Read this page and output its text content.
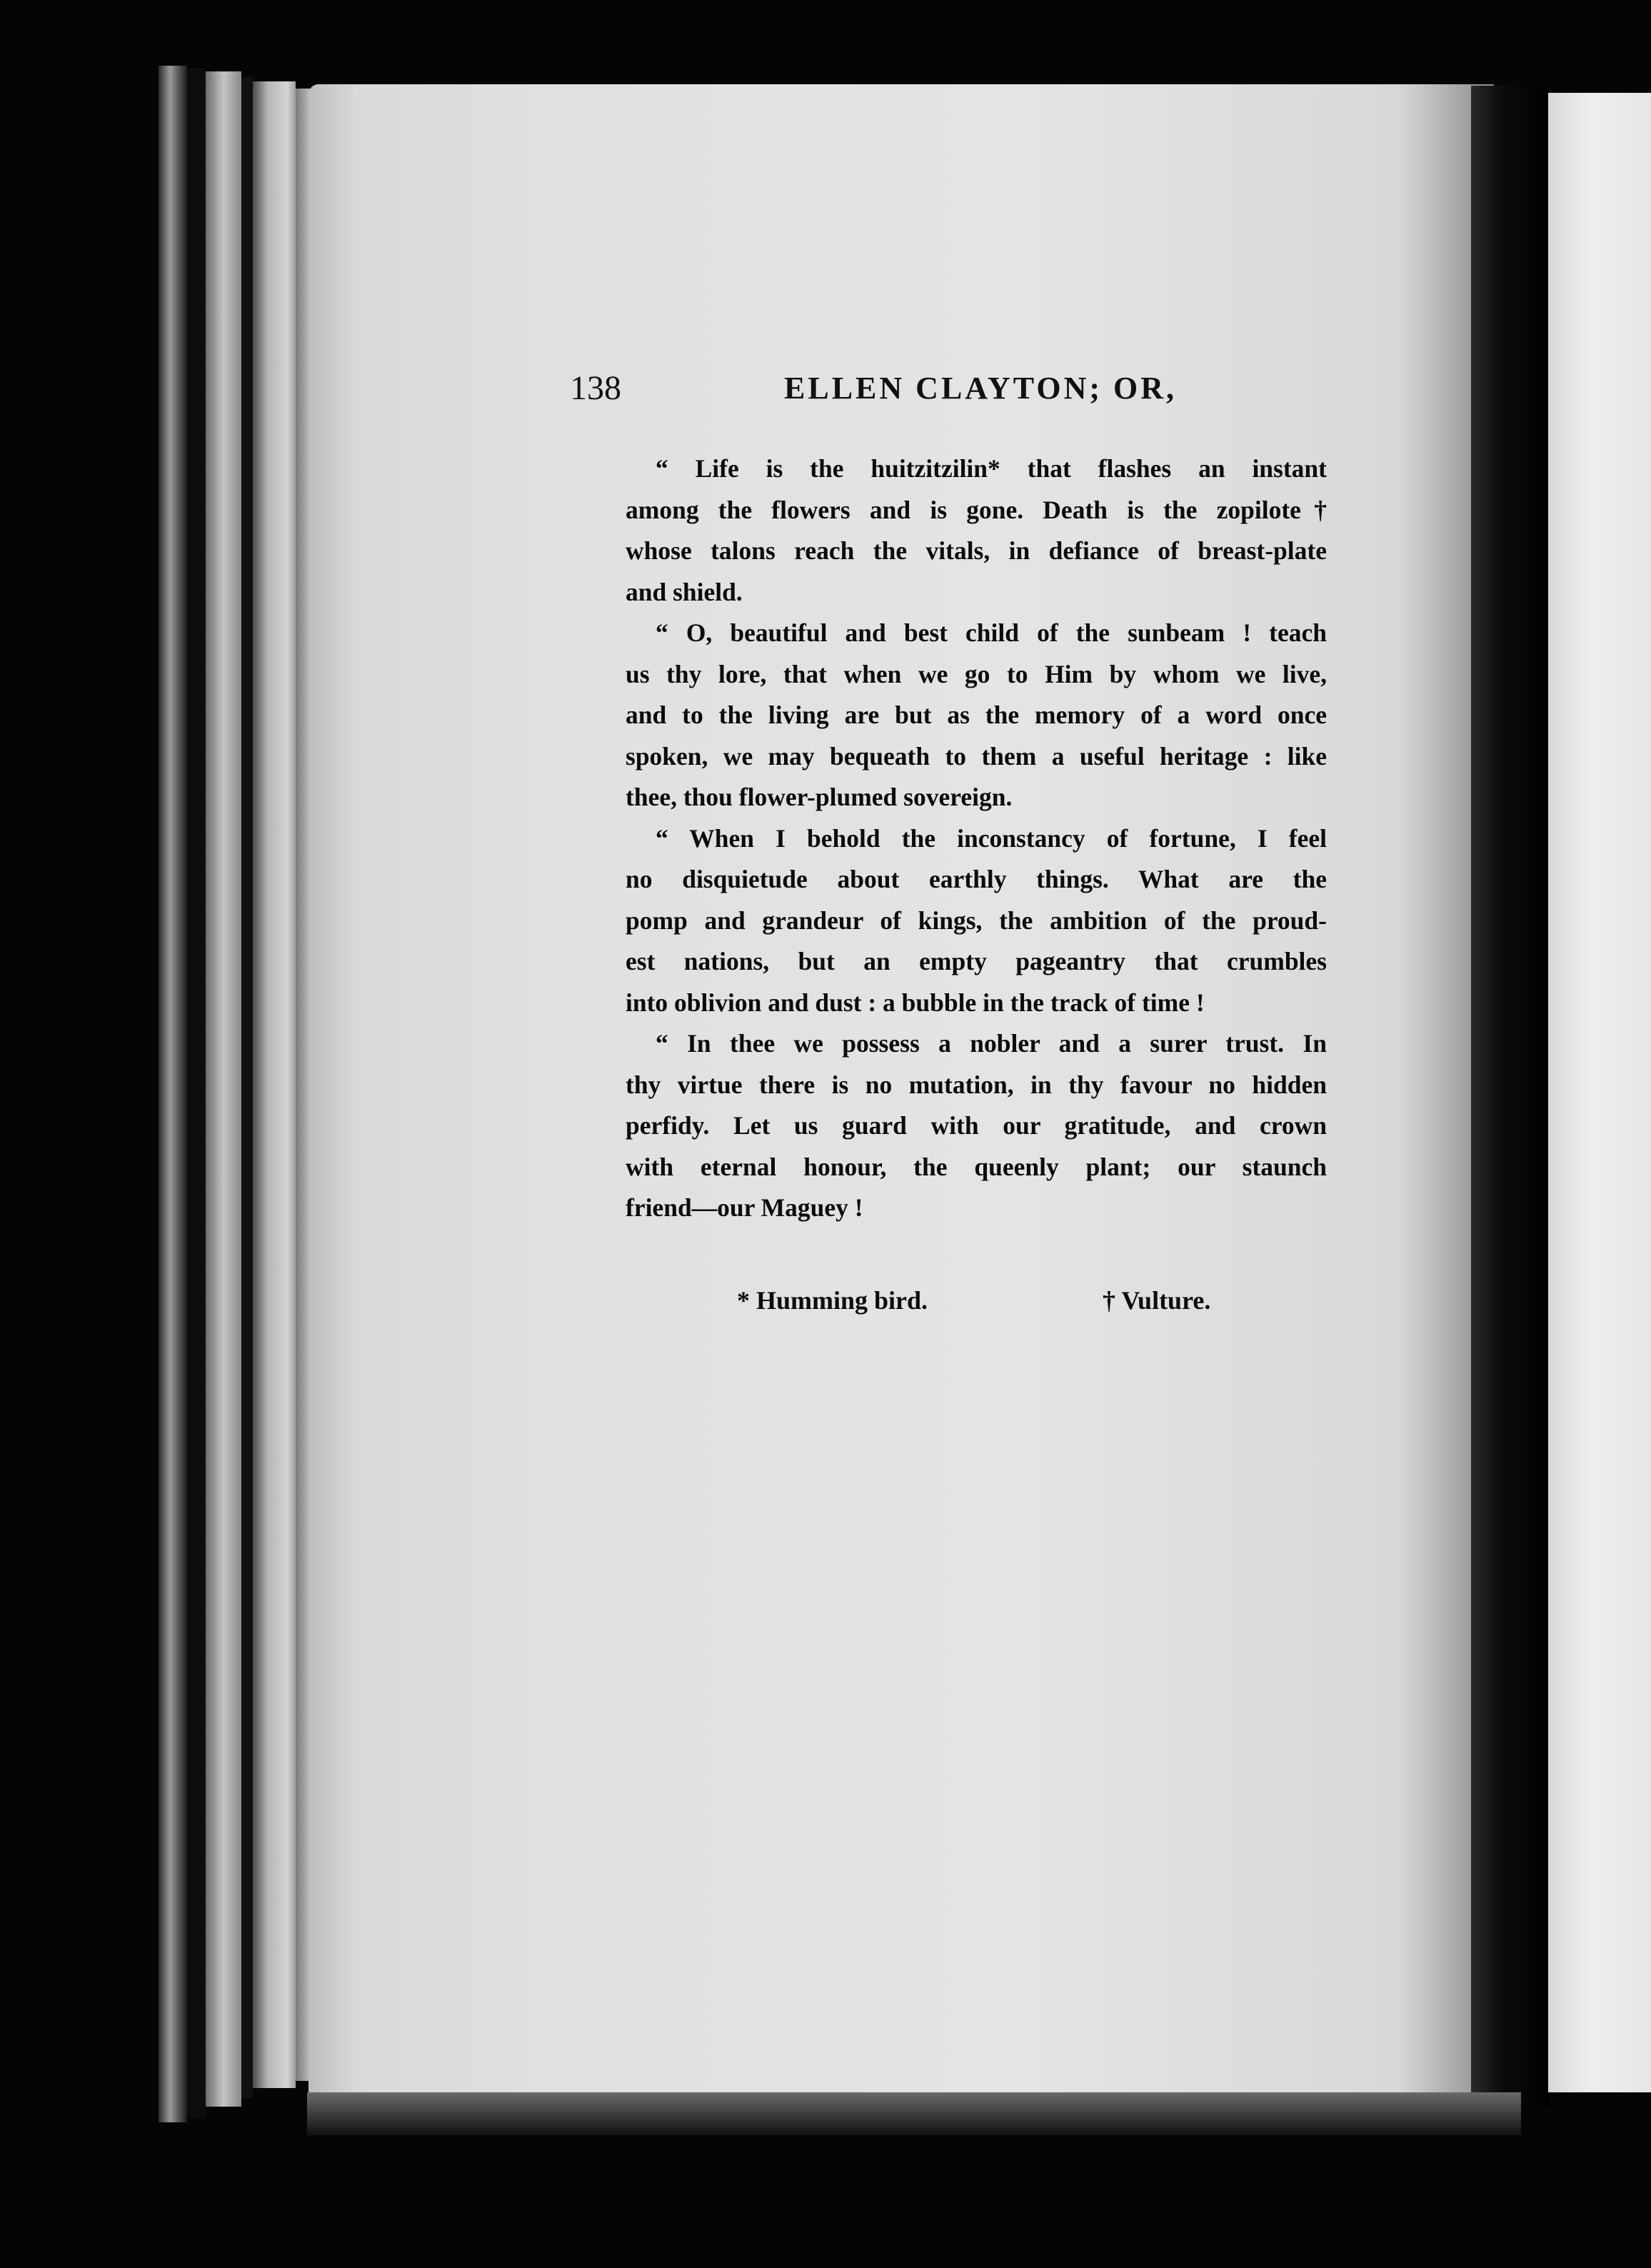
138	ELLEN CLAYTON; OR,
“ Life is the huitzitzilin* that flashes an instant
among the flowers and is gone. Death is the zopilote†
whose talons reach the vitals, in defiance of breast-plate
and shield.
“ O, beautiful and best child of the sunbeam ! teach
us thy lore, that when we go to Him by whom we live,
and to the living are but as the memory of a word once
spoken, we may bequeath to them a useful heritage : like
thee, thou flower-plumed sovereign.
“ When I behold the inconstancy of fortune, I feel
no disquietude about earthly things. What are the
pomp and grandeur of kings, the ambition of the proud-
est nations, but an empty pageantry that crumbles
into oblivion and dust : a bubble in the track of time !
“ In thee we possess a nobler and a surer trust. In
thy virtue there is no mutation, in thy favour no hidden
perfidy. Let us guard with our gratitude, and crown
with eternal honour, the queenly plant; our staunch
friend—our Maguey !
* Humming bird.	† Vulture.
